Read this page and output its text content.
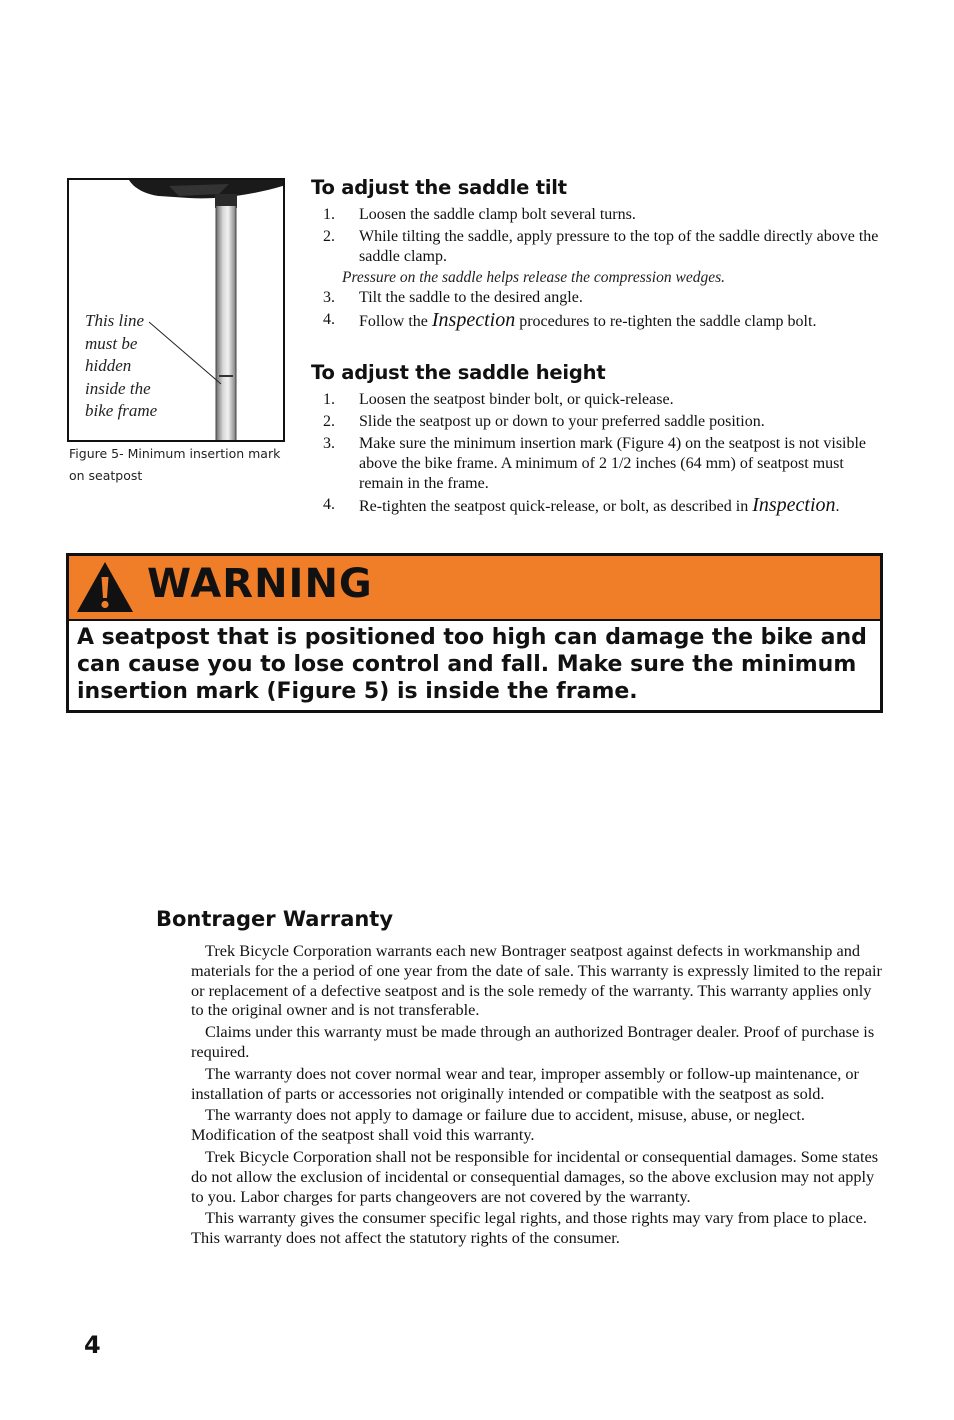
This line
must be
hidden
inside the
bike frame
Figure 5- Minimum insertion mark on seatpost
To adjust the saddle tilt
1. Loosen the saddle clamp bolt several turns.
2. While tilting the saddle, apply pressure to the top of the saddle directly above the saddle clamp.
Pressure on the saddle helps release the compression wedges.
3. Tilt the saddle to the desired angle.
4. Follow the Inspection procedures to re-tighten the saddle clamp bolt.
To adjust the saddle height
1. Loosen the seatpost binder bolt, or quick-release.
2. Slide the seatpost up or down to your preferred saddle position.
3. Make sure the minimum insertion mark (Figure 4) on the seatpost is not visible above the bike frame. A minimum of 2 1/2 inches (64 mm) of seatpost must remain in the frame.
4. Re-tighten the seatpost quick-release, or bolt, as described in Inspection.
WARNING
A seatpost that is positioned too high can damage the bike and can cause you to lose control and fall. Make sure the minimum insertion mark (Figure 5) is inside the frame.
Bontrager Warranty

Trek Bicycle Corporation warrants each new Bontrager seatpost against defects in workmanship and materials for the a period of one year from the date of sale. This warranty is expressly limited to the repair or replacement of a defective seatpost and is the sole remedy of the warranty. This warranty applies only to the original owner and is not transferable.

Claims under this warranty must be made through an authorized Bontrager dealer. Proof of purchase is required.

The warranty does not cover normal wear and tear, improper assembly or follow-up maintenance, or installation of parts or accessories not originally intended or compatible with the seatpost as sold.

The warranty does not apply to damage or failure due to accident, misuse, abuse, or neglect. Modification of the seatpost shall void this warranty.

Trek Bicycle Corporation shall not be responsible for incidental or consequential damages. Some states do not allow the exclusion of incidental or consequential damages, so the above exclusion may not apply to you. Labor charges for parts changeovers are not covered by the warranty.

This warranty gives the consumer specific legal rights, and those rights may vary from place to place. This warranty does not affect the statutory rights of the consumer.

4
